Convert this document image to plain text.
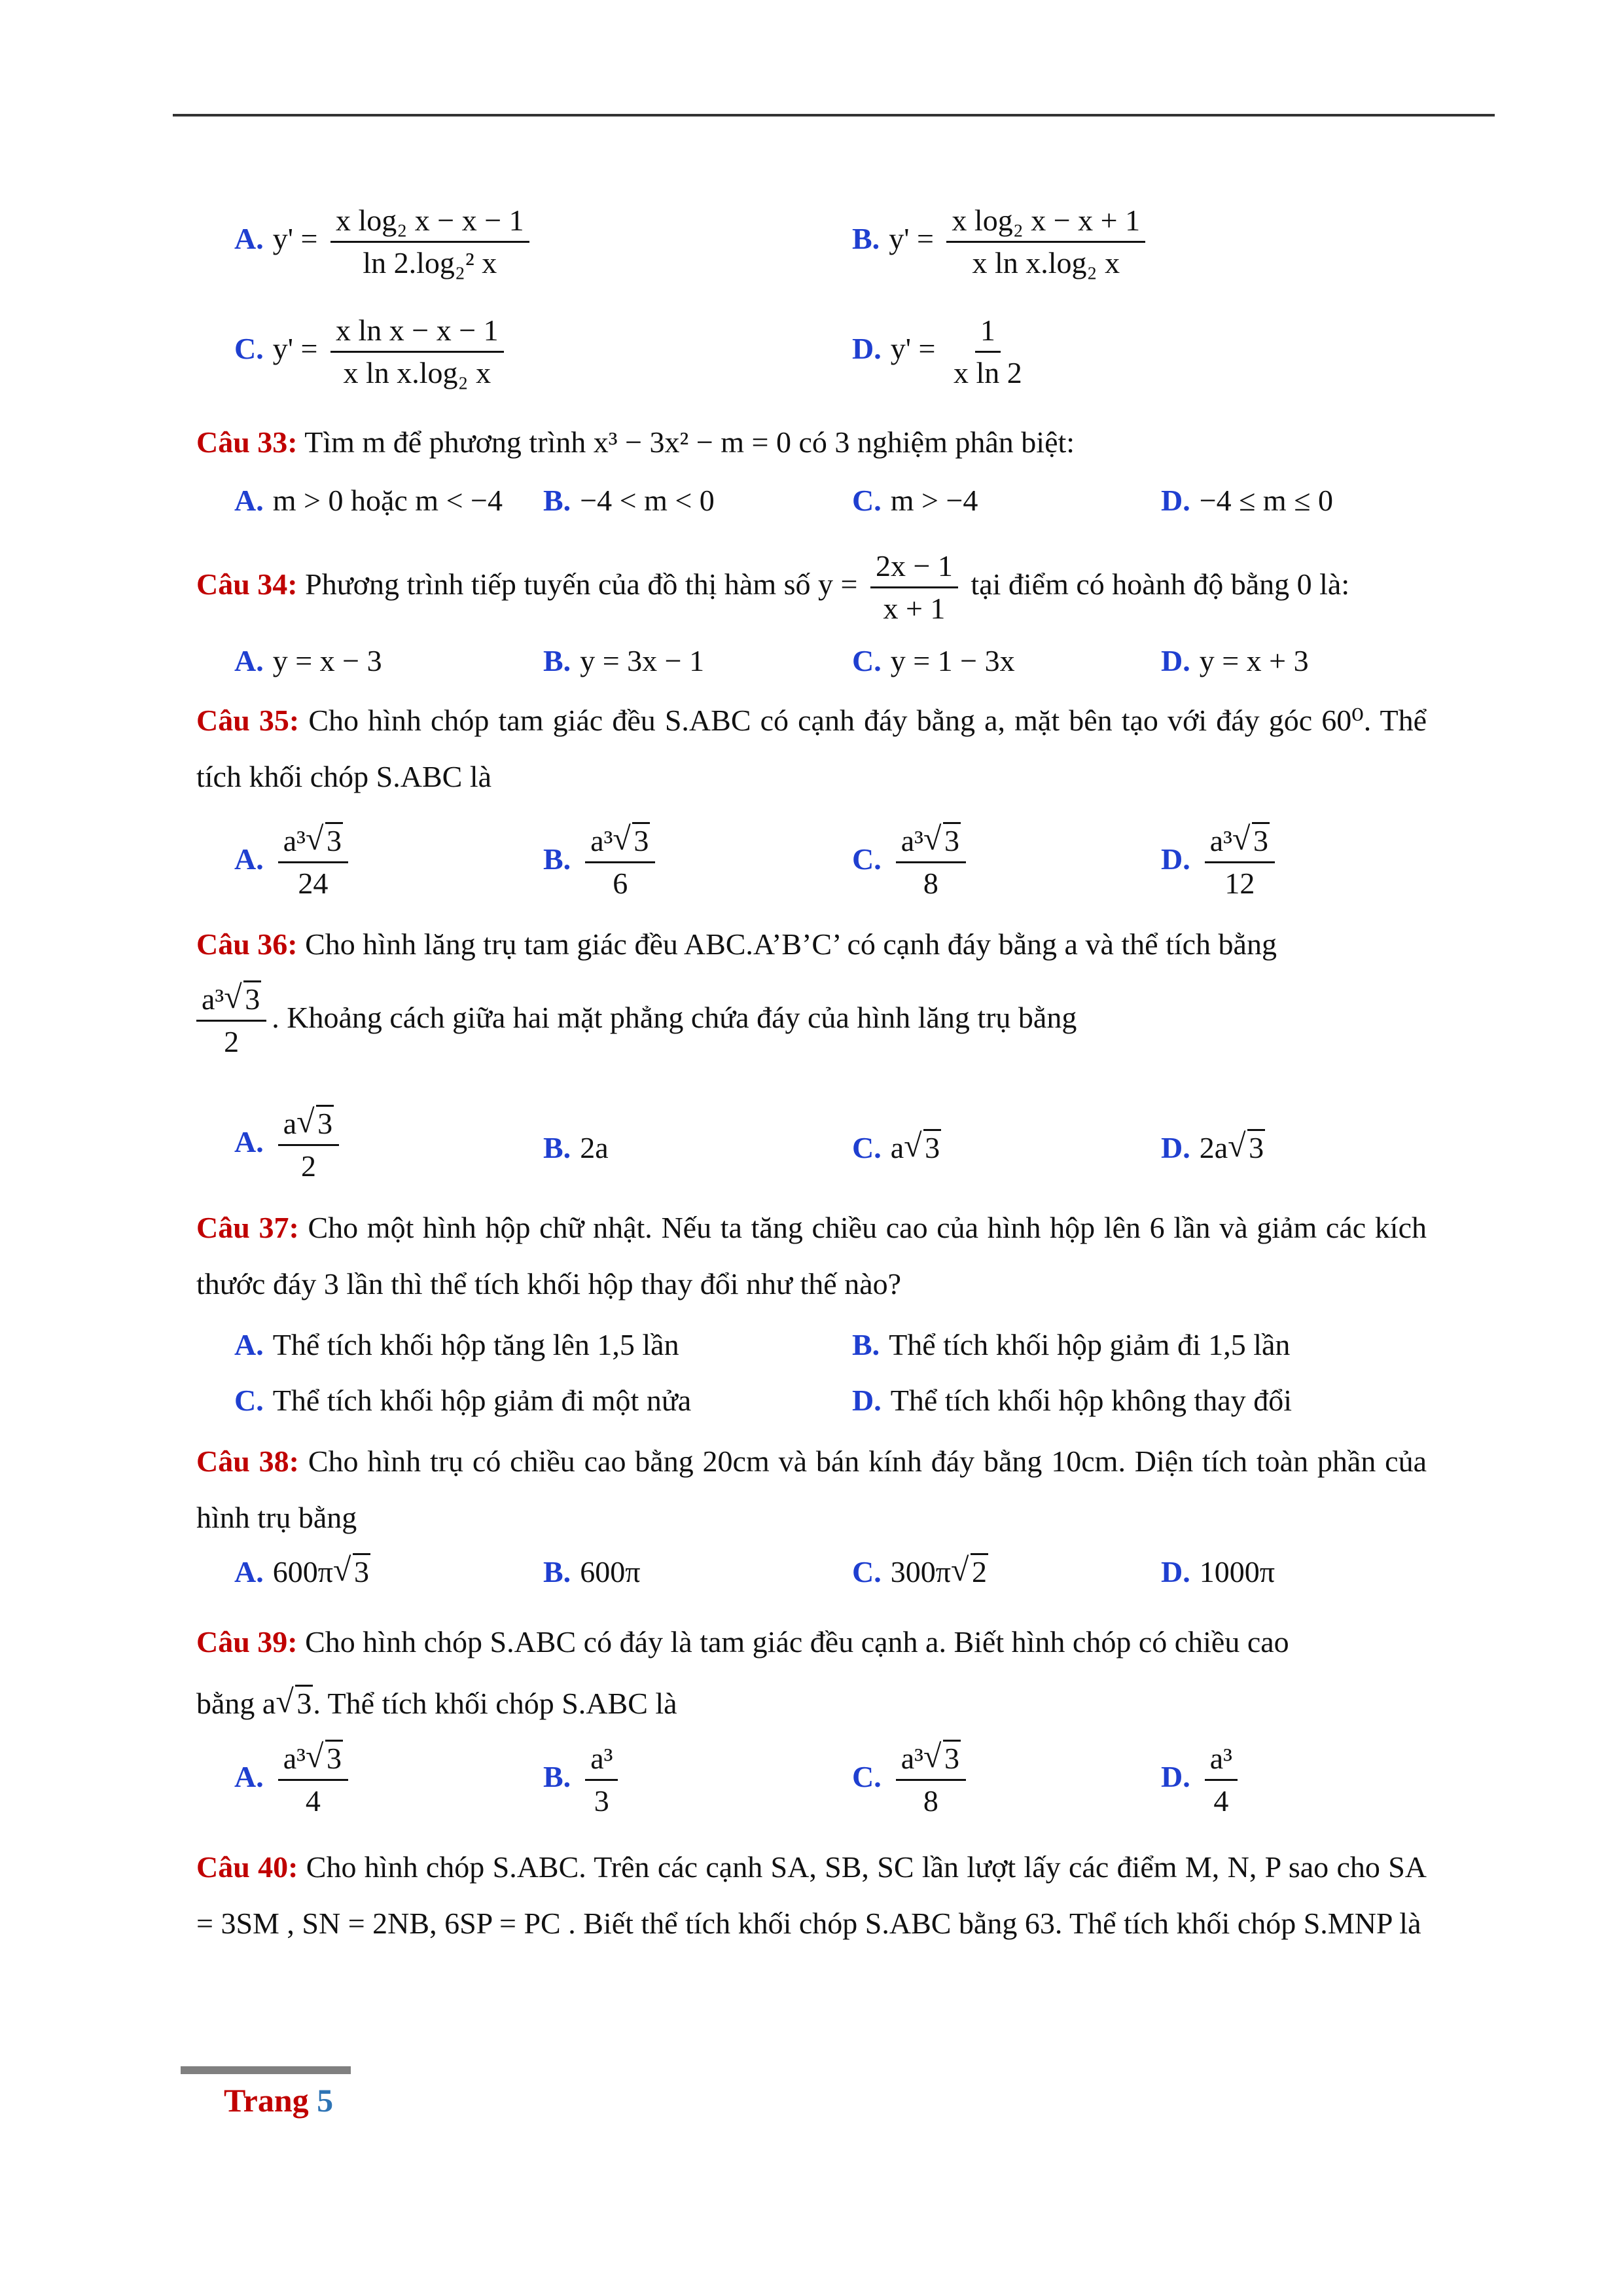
A. $y' = \frac{\text{x log₂ x − x − 1}}{\text{ln 2.log₂² x}}$	B. $y' = \frac{\text{x log₂ x − x + 1}}{\text{x ln x.log₂ x}}$
C. $y' = \frac{\text{x ln x − x − 1}}{\text{x ln x.log₂ x}}$	D. $y' = \frac{1}{\text{x ln 2}}$
Câu 33: Tìm m để phương trình x³ − 3x² − m = 0 có 3 nghiệm phân biệt:
A. m > 0 hoặc m < −4 B. −4 < m < 0	C. m > −4	D. −4 ≤ m ≤ 0
Câu 34: Phương trình tiếp tuyến của đồ thị hàm số $y = \frac{2x - 1}{x + 1}$ tại điểm có hoành độ bằng 0 là:
A. y = x − 3	B. y = 3x − 1	C. y = 1 − 3x	D. y = x + 3
Câu 35: Cho hình chóp tam giác đều S.ABC có cạnh đáy bằng a, mặt bên tạo với đáy góc 60⁰. Thể tích khối chóp S.ABC là
A. $\frac{\text{a³ √ 3}}{24}$	B. $\frac{\text{a³ √ 3}}{6}$	C. $\frac{\text{a³ √ 3}}{8}$	D. $\frac{\text{a³ √ 3}}{12}$
Câu 36: Cho hình lăng trụ tam giác đều ABC.A’B’C’ có cạnh đáy bằng a và thể tích bằng
$\frac{\text{a³ √ 3}}{2}$ . Khoảng cách giữa hai mặt phẳng chứa đáy của hình lăng trụ bằng
A. $\frac{a √ 3}{2}$	B. 2a	C. a √ 3	D. 2a √ 3
Câu 37: Cho một hình hộp chữ nhật. Nếu ta tăng chiều cao của hình hộp lên 6 lần và giảm các kích thước đáy 3 lần thì thể tích khối hộp thay đổi như thế nào?
A. Thể tích khối hộp tăng lên 1,5 lần	B. Thể tích khối hộp giảm đi 1,5 lần
C. Thể tích khối hộp giảm đi một nửa	D. Thể tích khối hộp không thay đổi
Câu 38: Cho hình trụ có chiều cao bằng 20cm và bán kính đáy bằng 10cm. Diện tích toàn phần của hình trụ bằng
A. 600π √ 3	B. 600π	C. 300π √ 2	D. 1000π
Câu 39: Cho hình chóp S.ABC có đáy là tam giác đều cạnh a. Biết hình chóp có chiều cao
bằng a √ 3. Thể tích khối chóp S.ABC là
A. $\frac{\text{a³ √ 3}}{4}$	B. $\frac{\text{a³}}{3}$	C. $\frac{\text{a³ √ 3}}{8}$	D. $\frac{\text{a³}}{4}$
Câu 40: Cho hình chóp S.ABC. Trên các cạnh SA, SB, SC lần lượt lấy các điểm M, N, P sao cho SA = 3SM , SN = 2NB, 6SP = PC . Biết thể tích khối chóp S.ABC bằng 63. Thể tích khối chóp S.MNP là
Trang 5
